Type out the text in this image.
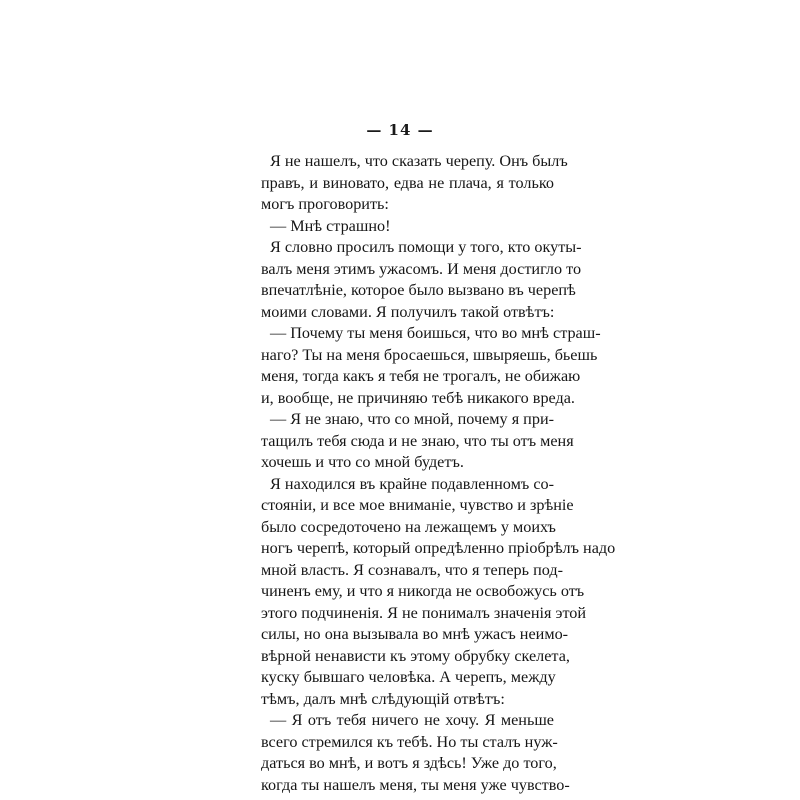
— 14 —
Я не нашелъ, что сказать черепу. Онъ былъ
правъ, и виновато, едва не плача, я только
могъ проговорить:
— Мнѣ страшно!
Я словно просилъ помощи у того, кто окуты-
валъ меня этимъ ужасомъ. И меня достигло то
впечатлѣніе, которое было вызвано въ черепѣ
моими словами. Я получилъ такой отвѣтъ:
— Почему ты меня боишься, что во мнѣ страш-
наго? Ты на меня бросаешься, швыряешь, бьешь
меня, тогда какъ я тебя не трогалъ, не обижаю
и, вообще, не причиняю тебѣ никакого вреда.
— Я не знаю, что со мной, почему я при-
тащилъ тебя сюда и не знаю, что ты отъ меня
хочешь и что со мной будетъ.
Я находился въ крайне подавленномъ со-
стояніи, и все мое вниманіе, чувство и зрѣніе
было сосредоточено на лежащемъ у моихъ
ногъ черепѣ, который опредѣленно пріобрѣлъ надо
мной власть. Я сознавалъ, что я теперь под-
чиненъ ему, и что я никогда не освобожусь отъ
этого подчиненія. Я не понималъ значенія этой
силы, но она вызывала во мнѣ ужасъ неимо-
вѣрной ненависти къ этому обрубку скелета,
куску бывшаго человѣка. А черепъ, между
тѣмъ, далъ мнѣ слѣдующій отвѣтъ:
— Я отъ тебя ничего не хочу. Я меньше
всего стремился къ тебѣ. Но ты сталъ нуж-
даться во мнѣ, и вотъ я здѣсь! Уже до того,
когда ты нашелъ меня, ты меня уже чувство-
